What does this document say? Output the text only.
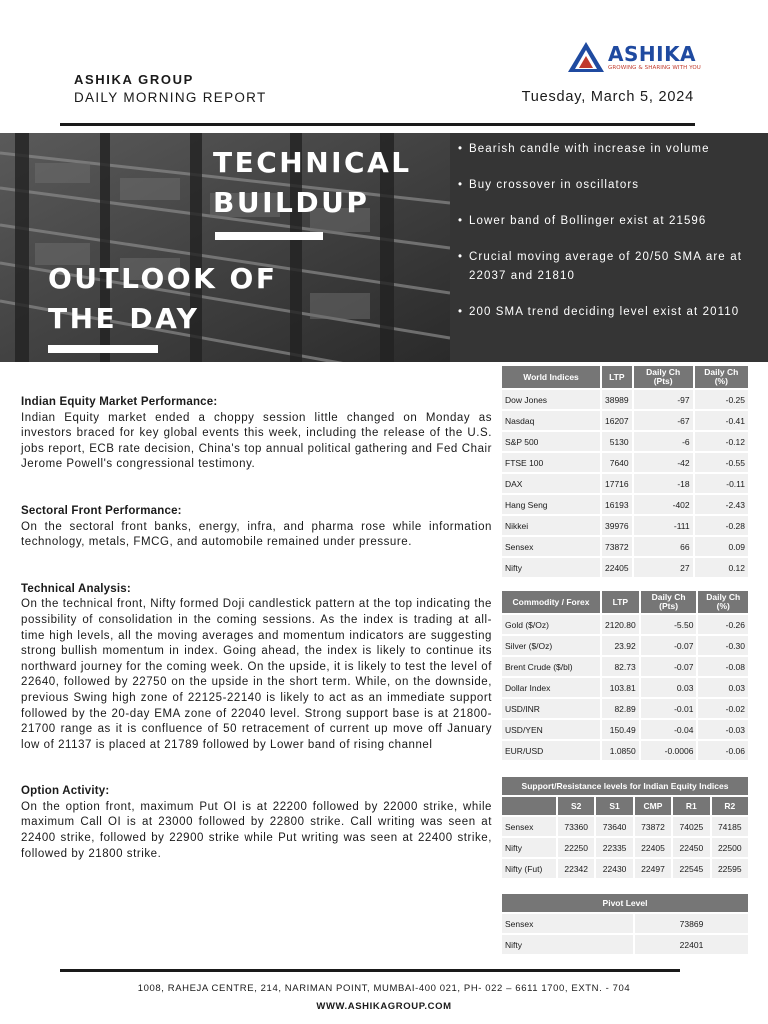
ASHIKA
GROWING & SHARING WITH YOU
ASHIKA GROUP
DAILY MORNING REPORT	Tuesday, March 5, 2024
TECHNICAL
BUILDUP
OUTLOOK OF
THE DAY
• Bearish candle with increase in volume
• Buy crossover in oscillators
• Lower band of Bollinger exist at 21596
• Crucial moving average of 20/50 SMA are at 22037 and 21810
• 200 SMA trend deciding level exist at 20110
Indian Equity Market Performance:

Indian Equity market ended a choppy session little changed on Monday as investors braced for key global events this week, including the release of the U.S. jobs report, ECB rate decision, China's top annual political gathering and Fed Chair Jerome Powell's congressional testimony.

Sectoral Front Performance:

On the sectoral front banks, energy, infra, and pharma rose while information technology, metals, FMCG, and automobile remained under pressure.

Technical Analysis:

On the technical front, Nifty formed Doji candlestick pattern at the top indicating the possibility of consolidation in the coming sessions. As the index is trading at all-time high levels, all the moving averages and momentum indicators are suggesting strong bullish momentum in index. Going ahead, the index is likely to continue its northward journey for the coming week. On the upside, it is likely to test the level of 22640, followed by 22750 on the upside in the short term. While, on the downside, previous Swing high zone of 22125-22140 is likely to act as an immediate support followed by the 20-day EMA zone of 22040 level. Strong support base is at 21800-21700 range as it is confluence of 50 retracement of current up move off January low of 21137 is placed at 21789 followed by Lower band of rising channel

Option Activity:

On the option front, maximum Put OI is at 22200 followed by 22000 strike, while maximum Call OI is at 23000 followed by 22800 strike. Call writing was seen at 22400 strike, followed by 22900 strike while Put writing was seen at 22400 strike, followed by 21800 strike.

World Indices	LTP	Daily Ch (Pts)	Daily Ch (%)
Dow Jones	38989	-97	-0.25
Nasdaq	16207	-67	-0.41
S&P 500	5130	-6	-0.12
FTSE 100	7640	-42	-0.55
DAX	17716	-18	-0.11
Hang Seng	16193	-402	-2.43
Nikkei	39976	-111	-0.28
Sensex	73872	66	0.09
Nifty	22405	27	0.12
Commodity / Forex	LTP	Daily Ch (Pts)	Daily Ch (%)
Gold ($/Oz)	2120.80	-5.50	-0.26
Silver ($/Oz)	23.92	-0.07	-0.30
Brent Crude ($/bl)	82.73	-0.07	-0.08
Dollar Index	103.81	0.03	0.03
USD/INR	82.89	-0.01	-0.02
USD/YEN	150.49	-0.04	-0.03
EUR/USD	1.0850	-0.0006	-0.06
Support/Resistance levels for Indian Equity Indices					
	S2	S1	CMP	R1	R2
Sensex	73360	73640	73872	74025	74185
Nifty	22250	22335	22405	22450	22500
Nifty (Fut)	22342	22430	22497	22545	22595
Pivot Level	
Sensex	73869
Nifty	22401
1008, RAHEJA CENTRE, 214, NARIMAN POINT, MUMBAI-400 021, PH- 022 – 6611 1700, EXTN. - 704
WWW.ASHIKAGROUP.COM
